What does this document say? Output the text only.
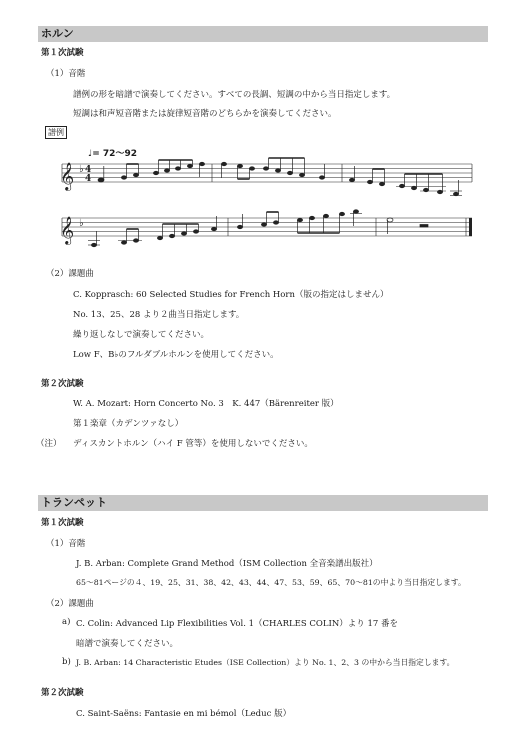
ホルン
第１次試験
（1）音階
譜例の形を暗譜で演奏してください。すべての長調、短調の中から当日指定します。
短調は和声短音階または旋律短音階のどちらかを演奏してください。
譜例
♩= 72〜92
𝄞
𝄞
♭
♭
4
4
（2）課題曲
C. Kopprasch: 60 Selected Studies for French Horn（版の指定はしません）
No. 13、25、28 より２曲当日指定します。
繰り返しなしで演奏してください。
Low F、B♭のフルダブルホルンを使用してください。
第２次試験
W. A. Mozart: Horn Concerto No. 3　K. 447（Bärenreiter 版）
第１楽章（カデンツァなし）
（注） ディスカントホルン（ハイ F 管等）を使用しないでください。
トランペット
第１次試験
（1）音階
J. B. Arban: Complete Grand Method（ISM Collection 全音楽譜出版社）
65〜81ページの４、19、25、31、38、42、43、44、47、53、59、65、70〜81の中より当日指定します。
（2）課題曲
a) C. Colin: Advanced Lip Flexibilities Vol. 1（CHARLES COLIN）より 17 番を
暗譜で演奏してください。
b) J. B. Arban: 14 Characteristic Etudes（ISE Collection）より No. 1、2、3 の中から当日指定します。
第２次試験
C. Saint-Saëns: Fantasie en mi bémol（Leduc 版）
